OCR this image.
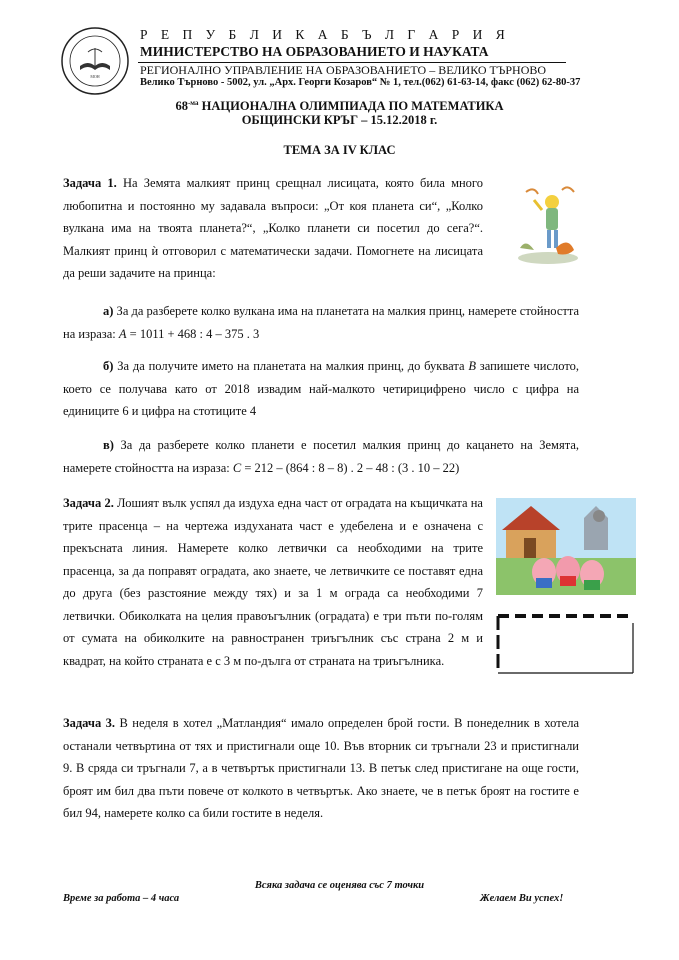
МОН
Р Е П У Б Л И К А Б Ъ Л Г А Р И Я
МИНИСТЕРСТВО НА ОБРАЗОВАНИЕТО И НАУКАТА
РЕГИОНАЛНО УПРАВЛЕНИЕ НА ОБРАЗОВАНИЕТО – ВЕЛИКО ТЪРНОВО
Велико Търново - 5002, ул. „Арх. Георги Козаров“ № 1, тел.(062) 61-63-14, факс (062) 62-80-37
$68^{-ма}$ НАЦИОНАЛНА ОЛИМПИАДА ПО МАТЕМАТИКА
ОБЩИНСКИ КРЪГ – 15.12.2018 г.
ТЕМА ЗА IV КЛАС
Задача 1. На Земята малкият принц срещнал лисицата, която била много любопитна и постоянно му задавала въпроси: „От коя планета си“, „Колко вулкана има на твоята планета?“, „Колко планети си посетил до сега?“. Малкият принц ѝ отговорил с математически задачи. Помогнете на лисицата да реши задачите на принца:
а) За да разберете колко вулкана има на планетата на малкия принц, намерете стойността на израза: A = 1011 + 468 : 4 – 375 . 3
б) За да получите името на планетата на малкия принц, до буквата B запишете числото, което се получава като от 2018 извадим най-малкото четирицифрено число с цифра на единиците 6 и цифра на стотиците 4
в) За да разберете колко планети е посетил малкия принц до кацането на Земята, намерете стойността на израза: C = 212 – (864 : 8 – 8) . 2 – 48 : (3 . 10 – 22)
Задача 2. Лошият вълк успял да издуха една част от оградата на къщичката на трите прасенца – на чертежа издуханата част е удебелена и е означена с прекъсната линия. Намерете колко летвички са необходими на трите прасенца, за да поправят оградата, ако знаете, че летвичките се поставят една до друга (без разстояние между тях) и за 1 м ограда са необходими 7 летвички. Обиколката на целия правоъгълник (оградата) е три пъти по-голям от сумата на обиколките на равностранен триъгълник със страна 2 м и квадрат, на който страната е с 3 м по-дълга от страната на триъгълника.
Задача 3. В неделя в хотел „Матландия“ имало определен брой гости. В понеделник в хотела останали четвъртина от тях и пристигнали още 10. Във вторник си тръгнали 23 и пристигнали 9. В сряда си тръгнали 7, а в четвъртък пристигнали 13. В петък след пристигане на още гости, броят им бил два пъти повече от колкото в четвъртък. Ако знаете, че в петък броят на гостите е бил 94, намерете колко са били гостите в неделя.
Всяка задача се оценява със 7 точки
Време за работа – 4 часа	Желаем Ви успех!
